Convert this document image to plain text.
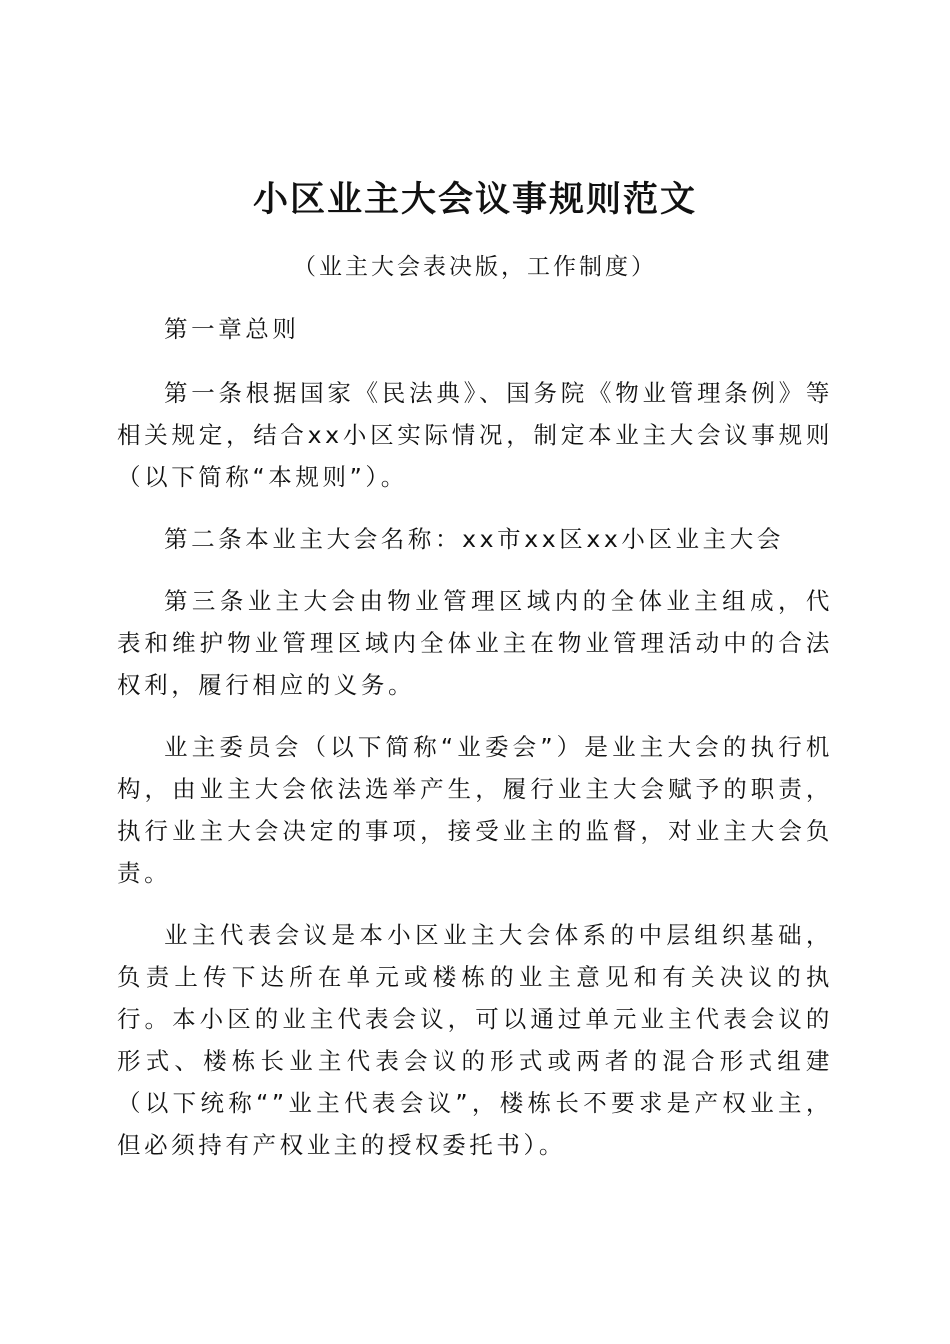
小区业主大会议事规则范文
（业主大会表决版，工作制度）

第一章总则

第一条根据国家《民法典》、国务院《物业管理条例》等相关规定，结合xx小区实际情况，制定本业主大会议事规则（以下简称“本规则”）。

第二条本业主大会名称：xx市xx区xx小区业主大会

第三条业主大会由物业管理区域内的全体业主组成，代表和维护物业管理区域内全体业主在物业管理活动中的合法权利，履行相应的义务。

业主委员会（以下简称“业委会”）是业主大会的执行机构，由业主大会依法选举产生，履行业主大会赋予的职责，执行业主大会决定的事项，接受业主的监督，对业主大会负责。

业主代表会议是本小区业主大会体系的中层组织基础，负责上传下达所在单元或楼栋的业主意见和有关决议的执行。本小区的业主代表会议，可以通过单元业主代表会议的形式、楼栋长业主代表会议的形式或两者的混合形式组建（以下统称“”业主代表会议”，楼栋长不要求是产权业主，但必须持有产权业主的授权委托书）。
